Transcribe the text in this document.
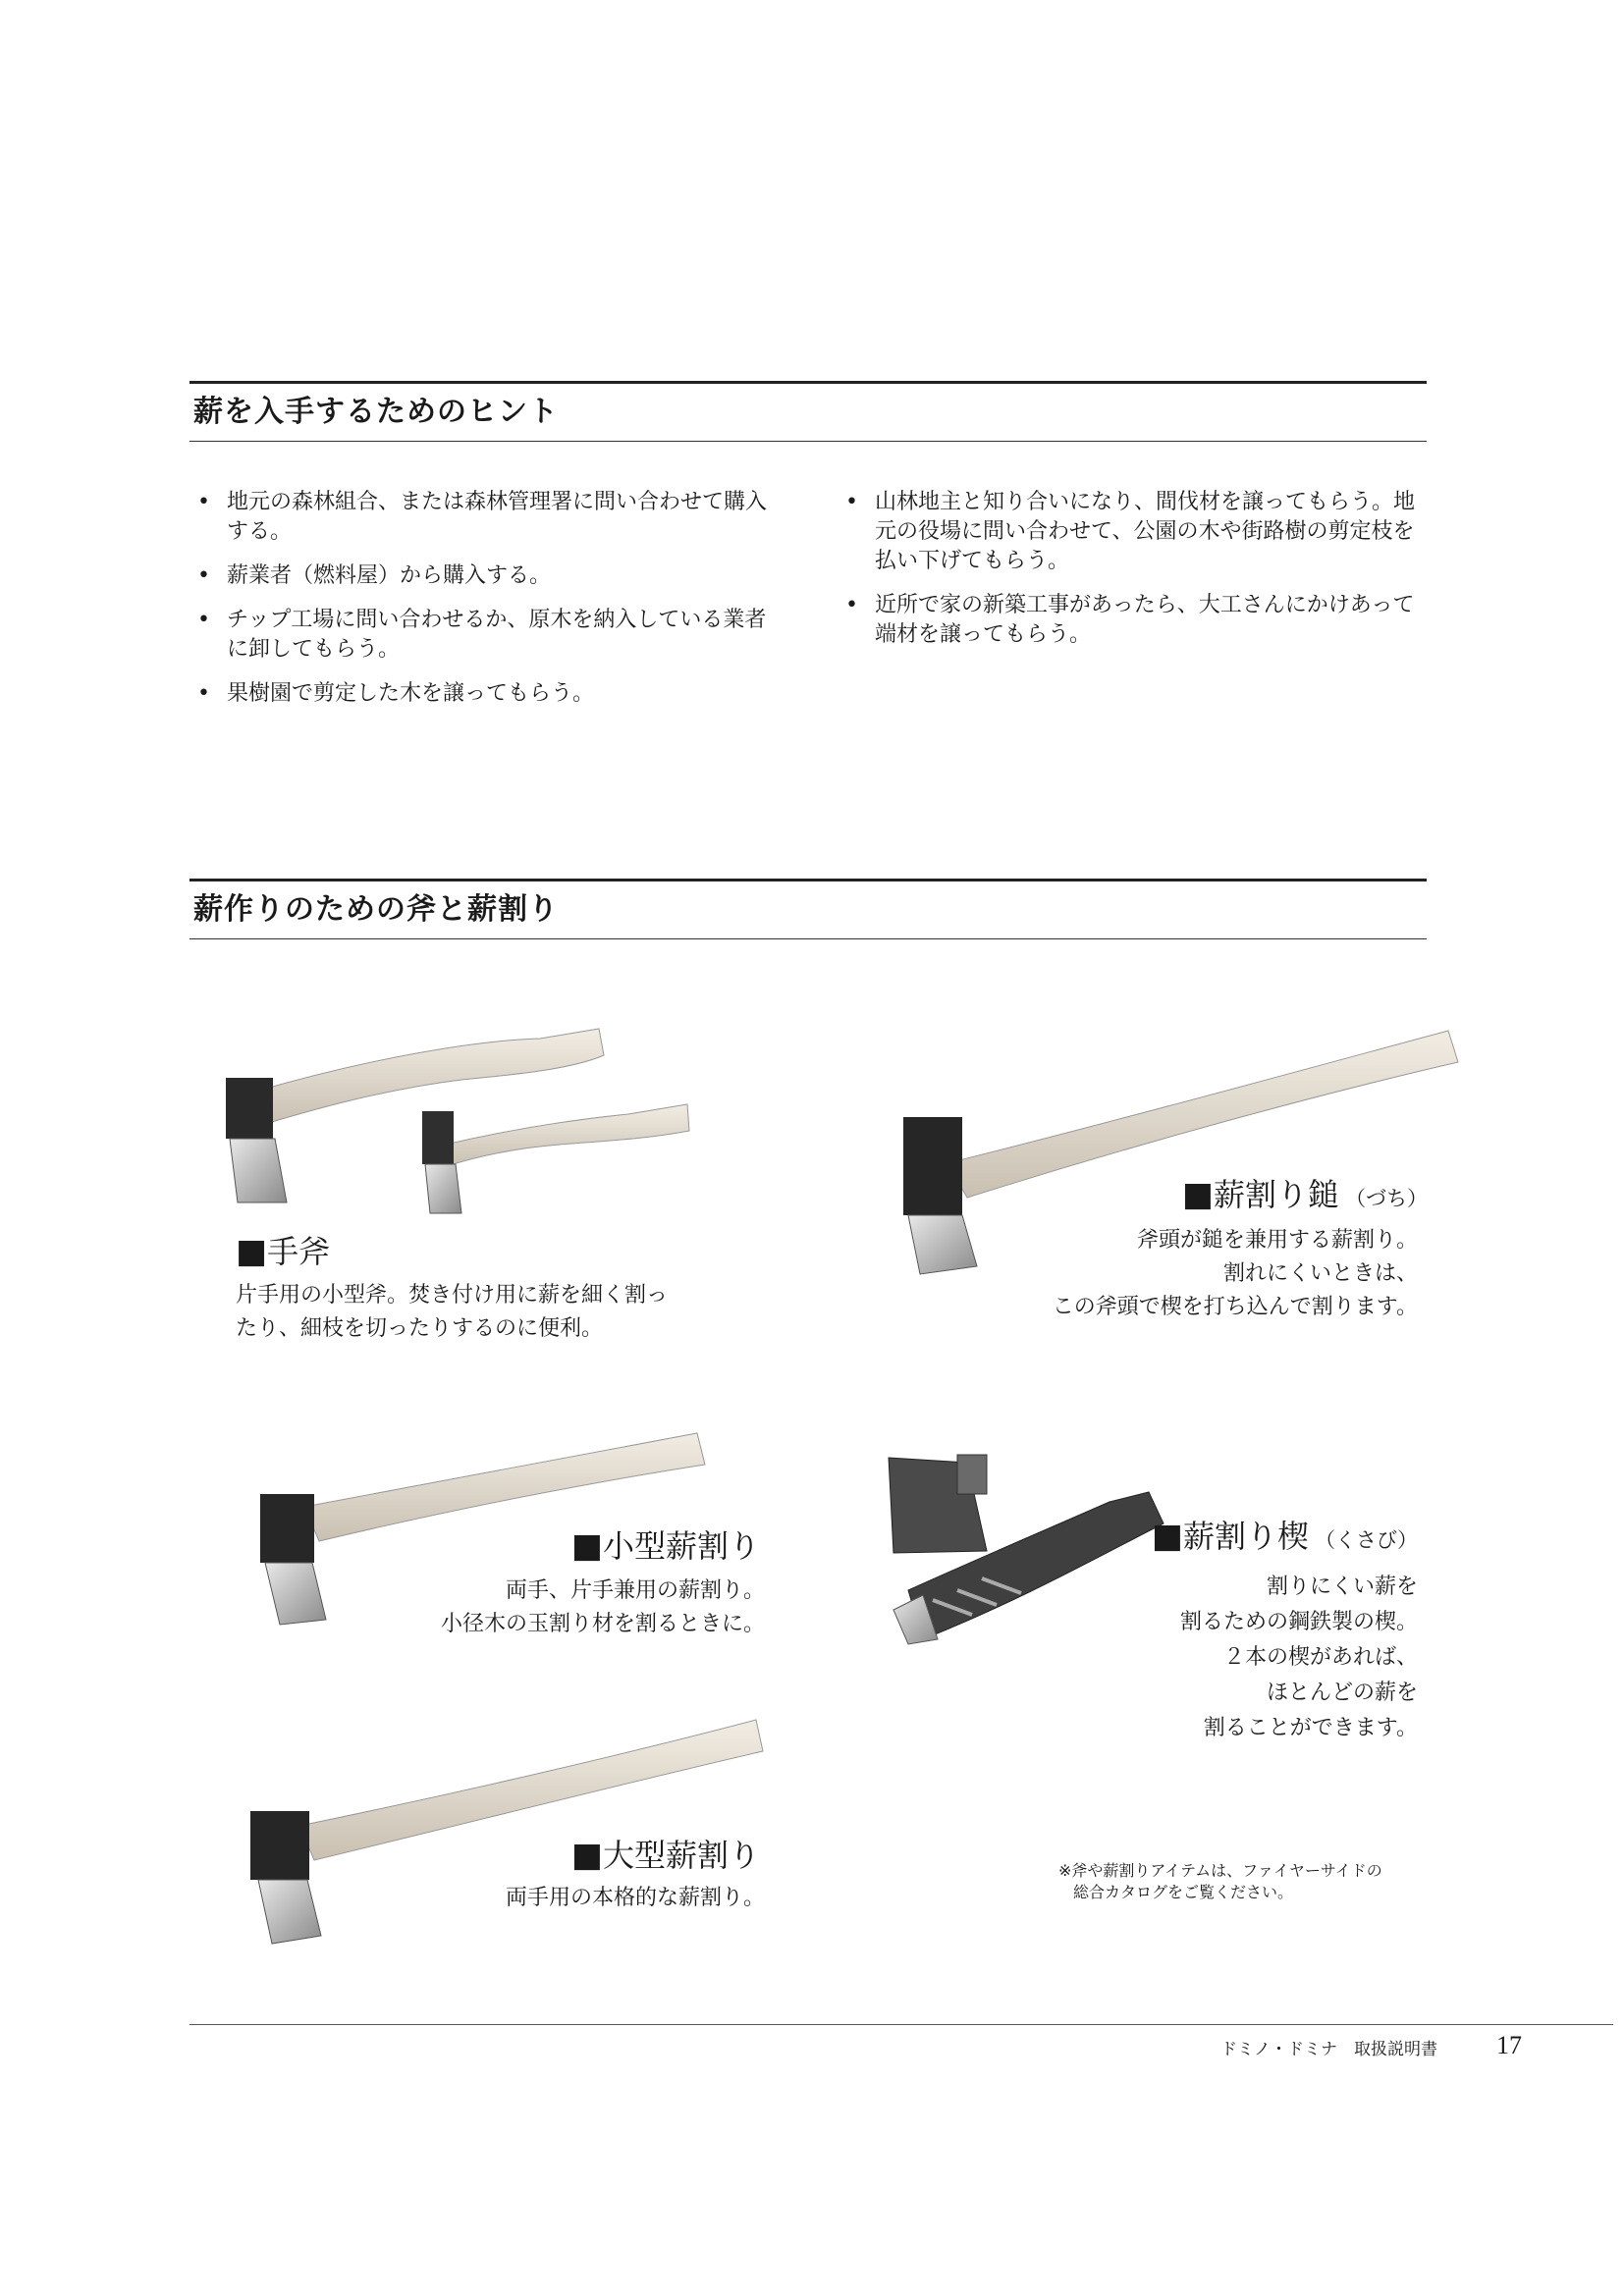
薪を入手するためのヒント
• 地元の森林組合、または森林管理署に問い合わせて購入する。
• 薪業者（燃料屋）から購入する。
• チップ工場に問い合わせるか、原木を納入している業者に卸してもらう。
• 果樹園で剪定した木を譲ってもらう。
• 山林地主と知り合いになり、間伐材を譲ってもらう。地元の役場に問い合わせて、公園の木や街路樹の剪定枝を払い下げてもらう。
• 近所で家の新築工事があったら、大工さんにかけあって端材を譲ってもらう。
薪作りのための斧と薪割り
■手斧
片手用の小型斧。焚き付け用に薪を細く割っ
たり、細枝を切ったりするのに便利。
■薪割り鎚 （づち）
斧頭が鎚を兼用する薪割り。
割れにくいときは、
この斧頭で楔を打ち込んで割ります。
■小型薪割り
両手、片手兼用の薪割り。
小径木の玉割り材を割るときに。
■薪割り楔 （くさび）
割りにくい薪を
割るための鋼鉄製の楔。
２本の楔があれば、
ほとんどの薪を
割ることができます。
■大型薪割り
両手用の本格的な薪割り。
※斧や薪割りアイテムは、ファイヤーサイドの
総合カタログをご覧ください。
ドミノ・ドミナ　取扱説明書 17
